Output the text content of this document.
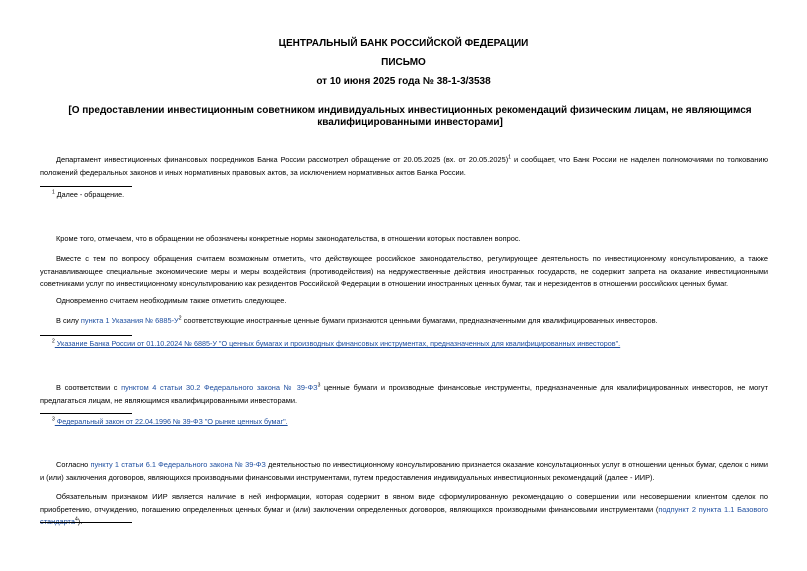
ЦЕНТРАЛЬНЫЙ БАНК РОССИЙСКОЙ ФЕДЕРАЦИИ
ПИСЬМО
от 10 июня 2025 года № 38-1-3/3538
[О предоставлении инвестиционным советником индивидуальных инвестиционных рекомендаций физическим лицам, не являющимся квалифицированными инвесторами]
Департамент инвестиционных финансовых посредников Банка России рассмотрел обращение от 20.05.2025 (вх. от 20.05.2025)$^1$ и сообщает, что Банк России не наделен полномочиями по толкованию положений федеральных законов и иных нормативных правовых актов, за исключением нормативных актов Банка России.
$^1$ Далее - обращение.
Кроме того, отмечаем, что в обращении не обозначены конкретные нормы законодательства, в отношении которых поставлен вопрос.
Вместе с тем по вопросу обращения считаем возможным отметить, что действующее российское законодательство, регулирующее деятельность по инвестиционному консультированию, а также устанавливающее специальные экономические меры и меры воздействия (противодействия) на недружественные действия иностранных государств, не содержит запрета на оказание инвестиционными советниками услуг по инвестиционному консультированию как резидентов Российской Федерации в отношении иностранных ценных бумаг, так и нерезидентов в отношении российских ценных бумаг.
Одновременно считаем необходимым также отметить следующее.
В силу пункта 1 Указания № $6885-У^2$ соответствующие иностранные ценные бумаги признаются ценными бумагами, предназначенными для квалифицированных инвесторов.
$^2$ Указание Банка России от 01.10.2024 № 6885-У "О ценных бумагах и производных финансовых инструментах, предназначенных для квалифицированных инвесторов".
В соответствии с пунктом 4 статьи 30.2 Федерального закона № $39-ФЗ^3$ ценные бумаги и производные финансовые инструменты, предназначенные для квалифицированных инвесторов, не могут предлагаться лицам, не являющимся квалифицированными инвесторами.
$^3$ Федеральный закон от 22.04.1996 № 39-ФЗ "О рынке ценных бумаг".
Согласно пункту 1 статьи 6.1 Федерального закона № 39-ФЗ деятельностью по инвестиционному консультированию признается оказание консультационных услуг в отношении ценных бумаг, сделок с ними и (или) заключения договоров, являющихся производными финансовыми инструментами, путем предоставления индивидуальных инвестиционных рекомендаций (далее - ИИР).
Обязательным признаком ИИР является наличие в ней информации, которая содержит в явном виде сформулированную рекомендацию о совершении или несовершении клиентом сделок по приобретению, отчуждению, погашению определенных ценных бумаг и (или) заключении определенных договоров, являющихся производными финансовыми инструментами (подпункт 2 пункта 1.1 Базового стандарта$^4$).
